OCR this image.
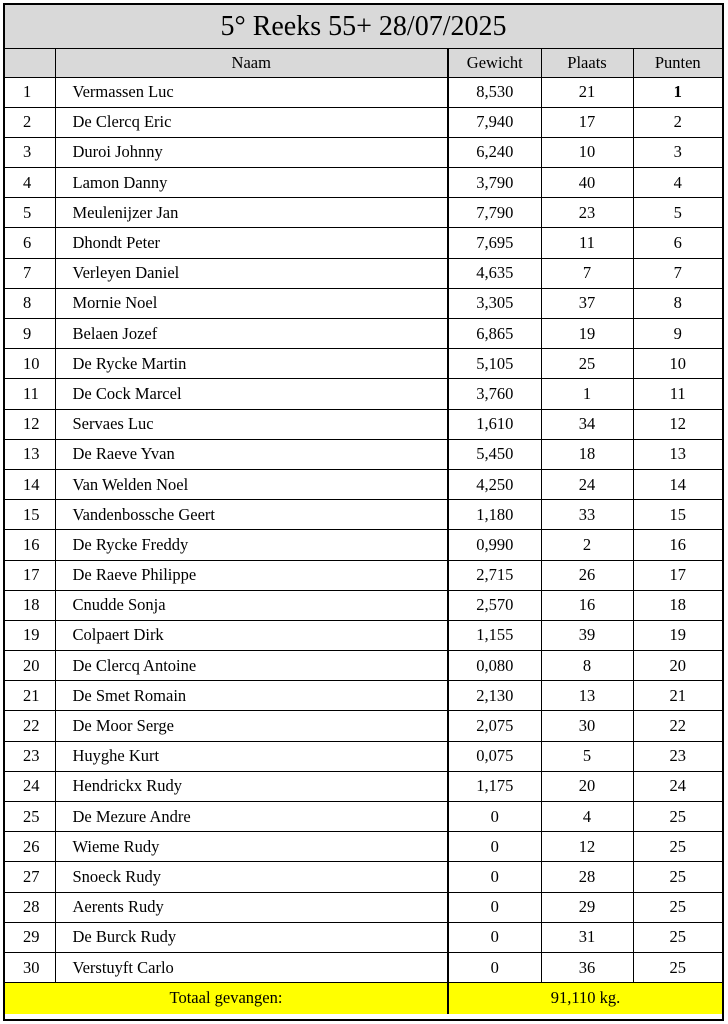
5° Reeks 55+ 28/07/2025
	Naam	Gewicht	Plaats	Punten
1	Vermassen Luc	8,530	21	1
2	De Clercq Eric	7,940	17	2
3	Duroi Johnny	6,240	10	3
4	Lamon Danny	3,790	40	4
5	Meulenijzer Jan	7,790	23	5
6	Dhondt Peter	7,695	11	6
7	Verleyen Daniel	4,635	7	7
8	Mornie Noel	3,305	37	8
9	Belaen Jozef	6,865	19	9
10	De Rycke Martin	5,105	25	10
11	De Cock Marcel	3,760	1	11
12	Servaes Luc	1,610	34	12
13	De Raeve Yvan	5,450	18	13
14	Van Welden Noel	4,250	24	14
15	Vandenbossche Geert	1,180	33	15
16	De Rycke Freddy	0,990	2	16
17	De Raeve Philippe	2,715	26	17
18	Cnudde Sonja	2,570	16	18
19	Colpaert Dirk	1,155	39	19
20	De Clercq Antoine	0,080	8	20
21	De Smet Romain	2,130	13	21
22	De Moor Serge	2,075	30	22
23	Huyghe Kurt	0,075	5	23
24	Hendrickx Rudy	1,175	20	24
25	De Mezure Andre	0	4	25
26	Wieme Rudy	0	12	25
27	Snoeck Rudy	0	28	25
28	Aerents Rudy	0	29	25
29	De Burck Rudy	0	31	25
30	Verstuyft Carlo	0	36	25
Totaal gevangen:		91,110 kg.		
